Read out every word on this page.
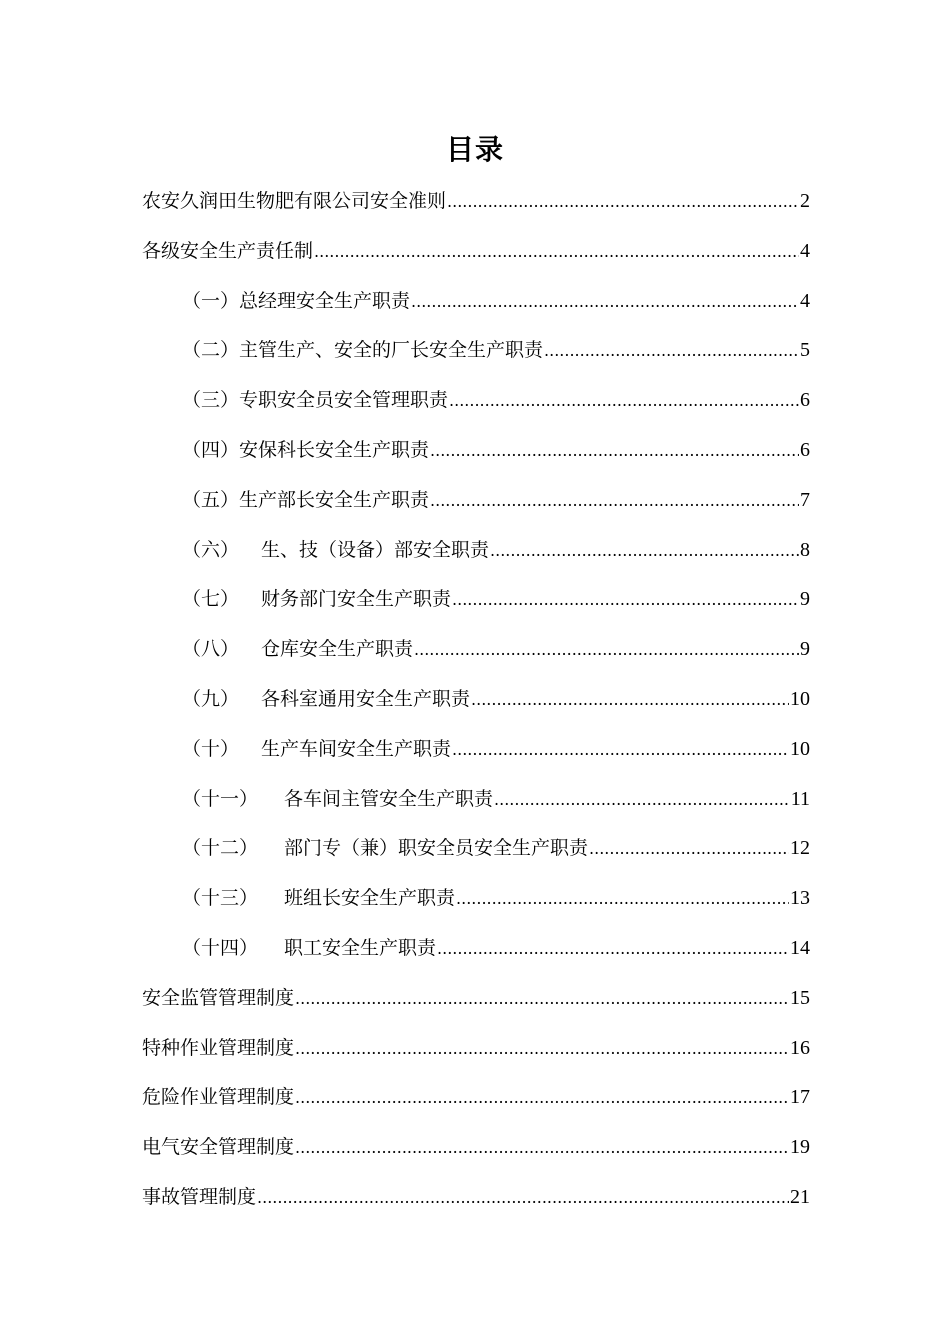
目录
农安久润田生物肥有限公司安全准则 .....	2
各级安全生产责任制 .....	4
（一）总经理安全生产职责 .....	4
（二）主管生产、安全的厂长安全生产职责 .....	5
（三）专职安全员安全管理职责 .....	6
（四）安保科长安全生产职责 .....	6
（五）生产部长安全生产职责 .....	7
（六） 生、技（设备）部安全职责 .....	8
（七） 财务部门安全生产职责 .....	9
（八） 仓库安全生产职责 .....	9
（九） 各科室通用安全生产职责 .....	10
（十） 生产车间安全生产职责 .....	10
（十一） 各车间主管安全生产职责 .....	11
（十二） 部门专（兼）职安全员安全生产职责 .....	12
（十三） 班组长安全生产职责 .....	13
（十四） 职工安全生产职责 .....	14
安全监管管理制度 .....	15
特种作业管理制度 .....	16
危险作业管理制度 .....	17
电气安全管理制度 .....	19
事故管理制度 .....	21
